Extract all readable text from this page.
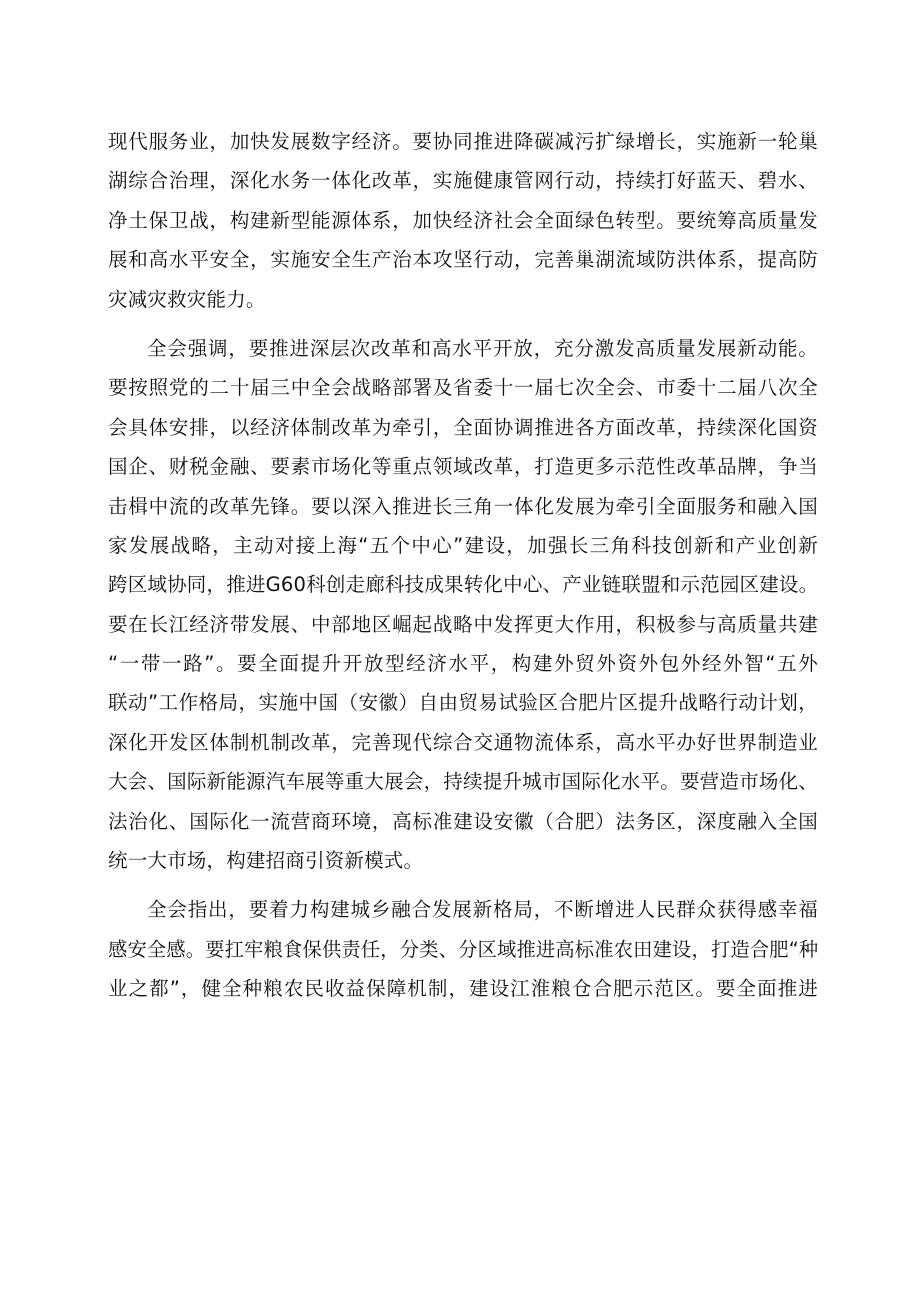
现代服务业，加快发展数字经济。要协同推进降碳减污扩绿增长，实施新一轮巢
湖综合治理，深化水务一体化改革，实施健康管网行动，持续打好蓝天、碧水、
净土保卫战，构建新型能源体系，加快经济社会全面绿色转型。要统筹高质量发
展和高水平安全，实施安全生产治本攻坚行动，完善巢湖流域防洪体系，提高防
灾减灾救灾能力。

全会强调，要推进深层次改革和高水平开放，充分激发高质量发展新动能。
要按照党的二十届三中全会战略部署及省委十一届七次全会、市委十二届八次全
会具体安排，以经济体制改革为牵引，全面协调推进各方面改革，持续深化国资
国企、财税金融、要素市场化等重点领域改革，打造更多示范性改革品牌，争当
击楫中流的改革先锋。要以深入推进长三角一体化发展为牵引全面服务和融入国
家发展战略，主动对接上海“五个中心”建设，加强长三角科技创新和产业创新
跨区域协同，推进G60科创走廊科技成果转化中心、产业链联盟和示范园区建设。
要在长江经济带发展、中部地区崛起战略中发挥更大作用，积极参与高质量共建
“一带一路”。要全面提升开放型经济水平，构建外贸外资外包外经外智“五外
联动”工作格局，实施中国（安徽）自由贸易试验区合肥片区提升战略行动计划，
深化开发区体制机制改革，完善现代综合交通物流体系，高水平办好世界制造业
大会、国际新能源汽车展等重大展会，持续提升城市国际化水平。要营造市场化、
法治化、国际化一流营商环境，高标准建设安徽（合肥）法务区，深度融入全国
统一大市场，构建招商引资新模式。

全会指出，要着力构建城乡融合发展新格局，不断增进人民群众获得感幸福
感安全感。要扛牢粮食保供责任，分类、分区域推进高标准农田建设，打造合肥“种
业之都”，健全种粮农民收益保障机制，建设江淮粮仓合肥示范区。要全面推进
